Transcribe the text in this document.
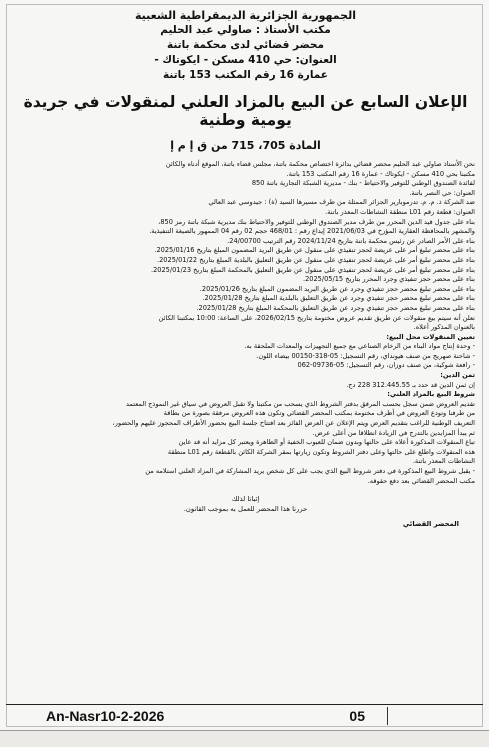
الجمهورية الجزائرية الديمقراطية الشعبية
مكتب الأستاذ : صاولي عبد الحليم
محضر قضائي لدى محكمة باتنة
العنوان: حي 410 مسكن - ايكوتاك -
عمارة 16 رقم المكتب 153 باتنة
الإعلان السابع عن البيع بالمزاد العلني لمنقولات في جريدة يومية وطنية
المادة 705، 715 من ق إ م إ

نحن الأستاذ صاولي عبد الحليم محضر قضائي بدائرة اختصاص محكمة باتنة، مجلس قضاء باتنة، الموقع أدناه والكائن

مكتبنا بحي 410 مسكن - ايكوتاك - عمارة 16 رقم المكتب 153 باتنة.

لفائدة الصندوق الوطني للتوفير والاحتياط - بنك - مديرية الشبكة التجارية باتنة 850

العنوان: حي النصر باتنة.

ضد الشركة ذ. م. م. تدرموبارير الجزائر الممثلة من طرف مسيرها السيد (ة) : جيدوسي عبد العالي

العنوان: قطعة رقم L01 منطقة النشاطات المعذر باتنة.

بناء على جدول قيد الدين المحرر من طرف مدير الصندوق الوطني للتوفير والاحتياط بنك مديرية شبكة باتنة رمز 850،

والمشهر بالمحافظة العقارية المؤرخ في 2021/06/03 إيداع رقم : 468/01 حجم 02 رقم 04 الممهور بالصيغة التنفيذية.

بناء على الأمر الصادر عن رئيس محكمة باتنة بتاريخ 2024/11/24 رقم الترتيب 24/00700.

بناء على محضر تبليغ أمر على عريضة لحجز تنفيذي على منقول عن طريق البريد المضمون المبلغ بتاريخ 2025/01/16.

بناء على محضر تبليغ أمر على عريضة لحجز تنفيذي على منقول عن طريق التعليق بالبلدية المبلغ بتاريخ 2025/01/22.

بناء على محضر تبليغ أمر على عريضة لحجز تنفيذي على منقول عن طريق التعليق بالمحكمة المبلغ بتاريخ 2025/01/23.

بناء على محضر حجز تنفيذي وجرد المحرر بتاريخ 2025/05/15.

بناء على محضر تبليغ محضر حجز تنفيذي وجرد عن طريق البريد المضمون المبلغ بتاريخ 2025/01/26.

بناء على محضر تبليغ محضر حجز تنفيذي وجرد عن طريق التعليق بالبلدية المبلغ بتاريخ 2025/01/28.

بناء على محضر تبليغ محضر حجز تنفيذي وجرد عن طريق التعليق بالمحكمة المبلغ بتاريخ 2025/01/28.

نعلن أنه سيتم بيع منقولات عن طريق تقديم عروض مختومة بتاريخ 2026/02/15، على الساعة: 10:00 بمكتبنا الكائن

بالعنوان المذكور أعلاه.

تعيين المنقولات محل البيع:

- وحدة إنتاج مواد البناء من الرخام الصناعي مع جميع التجهيزات والمعدات الملحقة به.

- شاحنة صهريج من صنف هيونداي، رقم التسجيل: 05-318-00150 بيضاء اللون.

- رافعة شوكية، من صنف دوزان، رقم التسجيل: 05-09736-062

ثمن الدين:

إن ثمن الدين قد حدد بـ 312.445.55 228 دج.

شروط البيع بالمزاد العلني:

تقديم العروض ضمن سجل بحسب المرفق بدفتر الشروط الذي يسحب من مكتبنا ولا تقبل العروض في سياق غير النموذج المعتمد

من طرفنا وتودع العروض في أظرف مختومة بمكتب المحضر القضائي وتكون هذه العروض مرفقة بصورة من بطاقة

التعريف الوطنية للراغب بتقديم العرض ويتم الإعلان عن العرض الفائز بعد افتتاح جلسة البيع بحضور الأطراف المحجوز عليهم والحضور،

ثم يبدأ المزايدين بالتدرج في الزيادة انطلاقا من أعلى عرض.

تباع المنقولات المذكورة أعلاه على حالتها وبدون ضمان للعيوب الخفية أو الظاهرة ويعتبر كل مزايد أنه قد عاين

هذه المنقولات واطلع على حالتها وعلى دفتر الشروط وتكون زيارتها بمقر الشركة الكائن بالقطعة رقم L01 منطقة

النشاطات المعذر باتنة.

- يقبل شروط البيع المذكورة في دفتر شروط البيع الذي يجب على كل شخص يريد المشاركة في المزاد العلني استلامه من

مكتب المحضر القضائي بعد دفع حقوقه.

إثباتا لذلك
حررنا هذا المحضر للعمل به بموجب القانون.
المحضر القضائي
An-Nasr10-2-2026	05
